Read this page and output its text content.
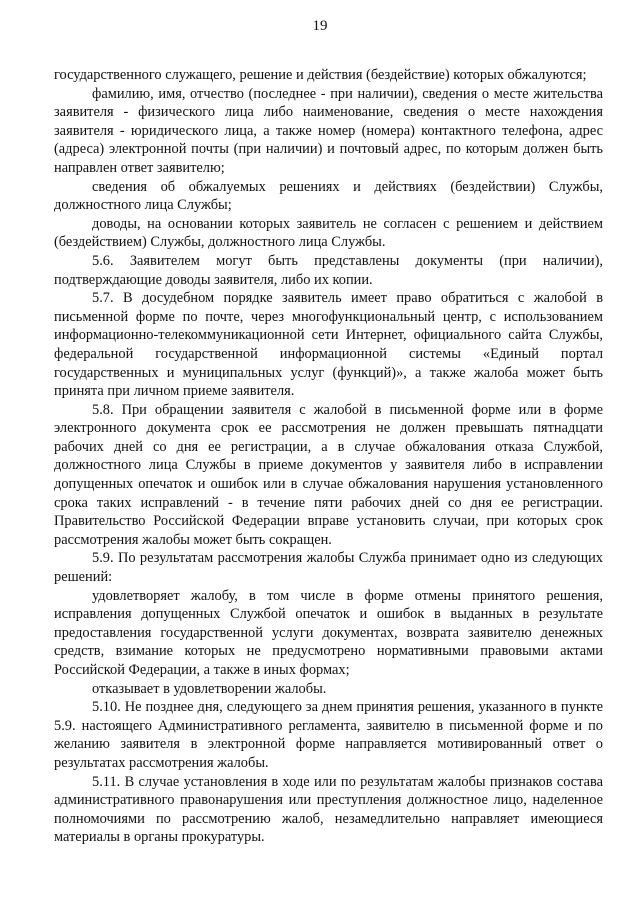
19

государственного служащего, решение и действия (бездействие) которых обжалуются;

фамилию, имя, отчество (последнее - при наличии), сведения о месте жительства заявителя - физического лица либо наименование, сведения о месте нахождения заявителя - юридического лица, а также номер (номера) контактного телефона, адрес (адреса) электронной почты (при наличии) и почтовый адрес, по которым должен быть направлен ответ заявителю;

сведения об обжалуемых решениях и действиях (бездействии) Службы, должностного лица Службы;

доводы, на основании которых заявитель не согласен с решением и действием (бездействием) Службы, должностного лица Службы.

5.6. Заявителем могут быть представлены документы (при наличии), подтверждающие доводы заявителя, либо их копии.

5.7. В досудебном порядке заявитель имеет право обратиться с жалобой в письменной форме по почте, через многофункциональный центр, с использованием информационно-телекоммуникационной сети Интернет, официального сайта Службы, федеральной государственной информационной системы «Единый портал государственных и муниципальных услуг (функций)», а также жалоба может быть принята при личном приеме заявителя.

5.8. При обращении заявителя с жалобой в письменной форме или в форме электронного документа срок ее рассмотрения не должен превышать пятнадцати рабочих дней со дня ее регистрации, а в случае обжалования отказа Службой, должностного лица Службы в приеме документов у заявителя либо в исправлении допущенных опечаток и ошибок или в случае обжалования нарушения установленного срока таких исправлений - в течение пяти рабочих дней со дня ее регистрации. Правительство Российской Федерации вправе установить случаи, при которых срок рассмотрения жалобы может быть сокращен.

5.9. По результатам рассмотрения жалобы Служба принимает одно из следующих решений:

удовлетворяет жалобу, в том числе в форме отмены принятого решения, исправления допущенных Службой опечаток и ошибок в выданных в результате предоставления государственной услуги документах, возврата заявителю денежных средств, взимание которых не предусмотрено нормативными правовыми актами Российской Федерации, а также в иных формах;

отказывает в удовлетворении жалобы.

5.10. Не позднее дня, следующего за днем принятия решения, указанного в пункте 5.9. настоящего Административного регламента, заявителю в письменной форме и по желанию заявителя в электронной форме направляется мотивированный ответ о результатах рассмотрения жалобы.

5.11. В случае установления в ходе или по результатам жалобы признаков состава административного правонарушения или преступления должностное лицо, наделенное полномочиями по рассмотрению жалоб, незамедлительно направляет имеющиеся материалы в органы прокуратуры.
